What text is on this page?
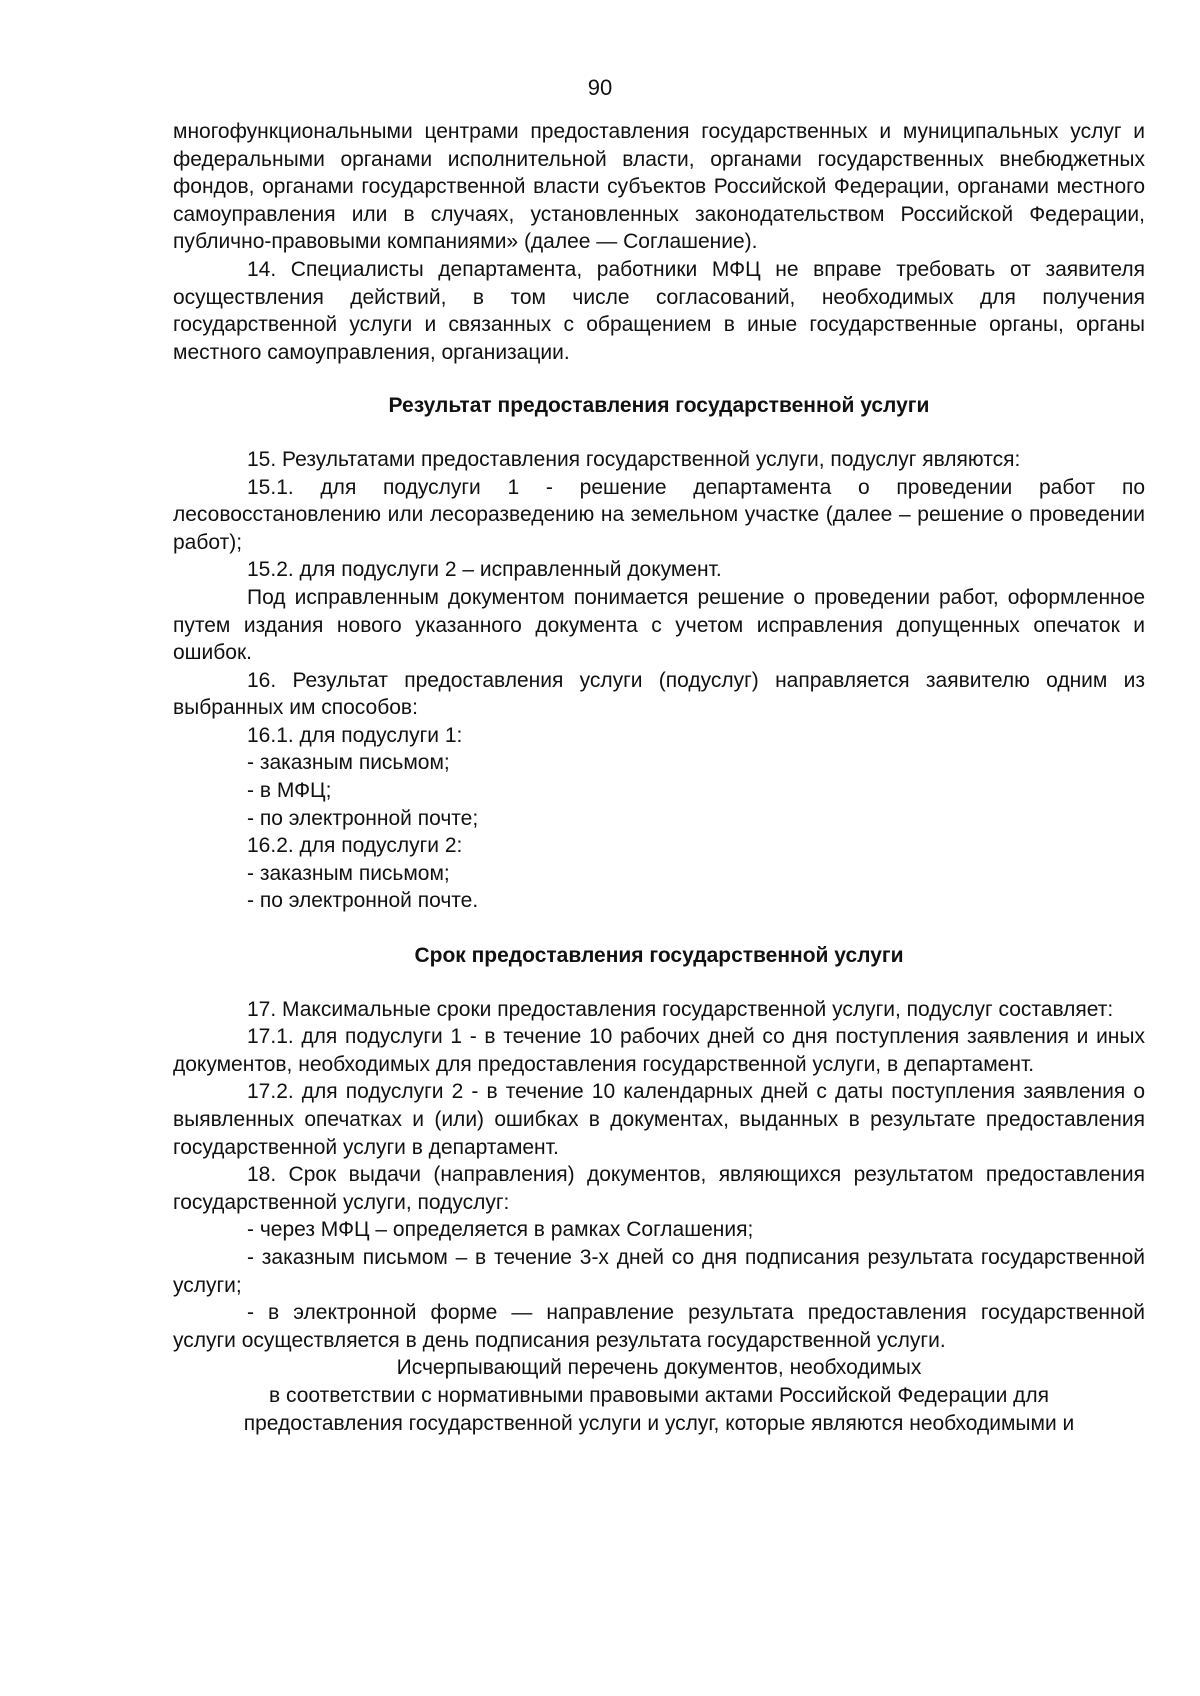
90

многофункциональными центрами предоставления государственных и муниципальных услуг и федеральными органами исполнительной власти, органами государственных внебюджетных фондов, органами государственной власти субъектов Российской Федерации, органами местного самоуправления или в случаях, установленных законодательством Российской Федерации, публично-правовыми компаниями» (далее — Соглашение).

14. Специалисты департамента, работники МФЦ не вправе требовать от заявителя осуществления действий, в том числе согласований, необходимых для получения государственной услуги и связанных с обращением в иные государственные органы, органы местного самоуправления, организации.

Результат предоставления государственной услуги

15. Результатами предоставления государственной услуги, подуслуг являются:

15.1. для подуслуги 1 - решение департамента о проведении работ по лесовосстановлению или лесоразведению на земельном участке (далее – решение о проведении работ);

15.2. для подуслуги 2 – исправленный документ.

Под исправленным документом понимается решение о проведении работ, оформленное путем издания нового указанного документа с учетом исправления допущенных опечаток и ошибок.

16. Результат предоставления услуги (подуслуг) направляется заявителю одним из выбранных им способов:

16.1. для подуслуги 1:

- заказным письмом;

- в МФЦ;

- по электронной почте;

16.2. для подуслуги 2:

- заказным письмом;

- по электронной почте.

Срок предоставления государственной услуги

17. Максимальные сроки предоставления государственной услуги, подуслуг составляет:

17.1. для подуслуги 1 - в течение 10 рабочих дней со дня поступления заявления и иных документов, необходимых для предоставления государственной услуги, в департамент.

17.2. для подуслуги 2 - в течение 10 календарных дней с даты поступления заявления о выявленных опечатках и (или) ошибках в документах, выданных в результате предоставления государственной услуги в департамент.

18. Срок выдачи (направления) документов, являющихся результатом предоставления государственной услуги, подуслуг:

- через МФЦ – определяется в рамках Соглашения;

- заказным письмом – в течение 3-х дней со дня подписания результата государственной услуги;

- в электронной форме — направление результата предоставления государственной услуги осуществляется в день подписания результата государственной услуги.

Исчерпывающий перечень документов, необходимых

в соответствии с нормативными правовыми актами Российской Федерации для

предоставления государственной услуги и услуг, которые являются необходимыми и
